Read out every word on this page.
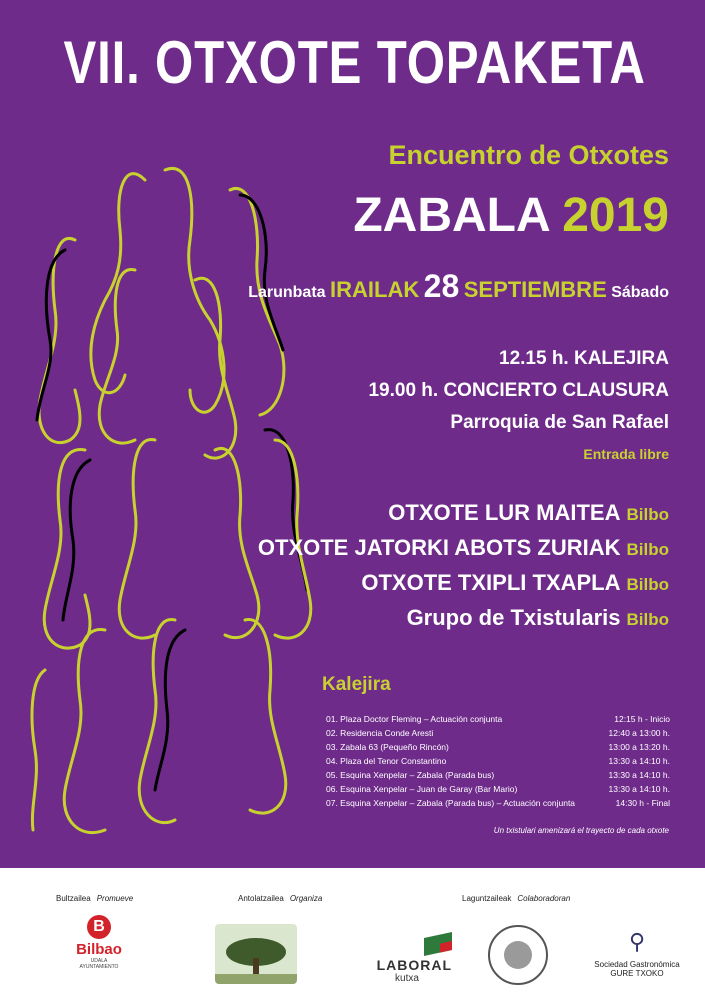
VII. OTXOTE TOPAKETA
Encuentro de Otxotes
ZABALA 2019
Larunbata IRAILAK 28 SEPTIEMBRE Sábado
12.15 h. KALEJIRA
19.00 h. CONCIERTO CLAUSURA
Parroquia de San Rafael
Entrada libre
OTXOTE LUR MAITEA Bilbo
OTXOTE JATORKI ABOTS ZURIAK Bilbo
OTXOTE TXIPLI TXAPLA Bilbo
Grupo de Txistularis Bilbo
Kalejira
01. Plaza Doctor Fleming – Actuación conjunta	12:15 h - Inicio
02. Residencia Conde Aresti	12:40 a 13:00 h.
03. Zabala 63 (Pequeño Rincón)	13:00 a 13:20 h.
04. Plaza del Tenor Constantino	13:30 a 14:10 h.
05. Esquina Xenpelar – Zabala (Parada bus)	13:30 a 14:10 h.
06. Esquina Xenpelar – Juan de Garay (Bar Mario)	13:30 a 14:10 h.
07. Esquina Xenpelar – Zabala (Parada bus) – Actuación conjunta	14:30 h - Final
Un txistulari amenizará el trayecto de cada otxote
Bultzailea Promueve	Antolatzailea Organiza	Laguntzaileak Colaboradoran
B
Bilbao
UDALA
AYUNTAMIENTO	LABORAL
kutxa
⚲
Sociedad Gastronómica
GURE TXOKO
